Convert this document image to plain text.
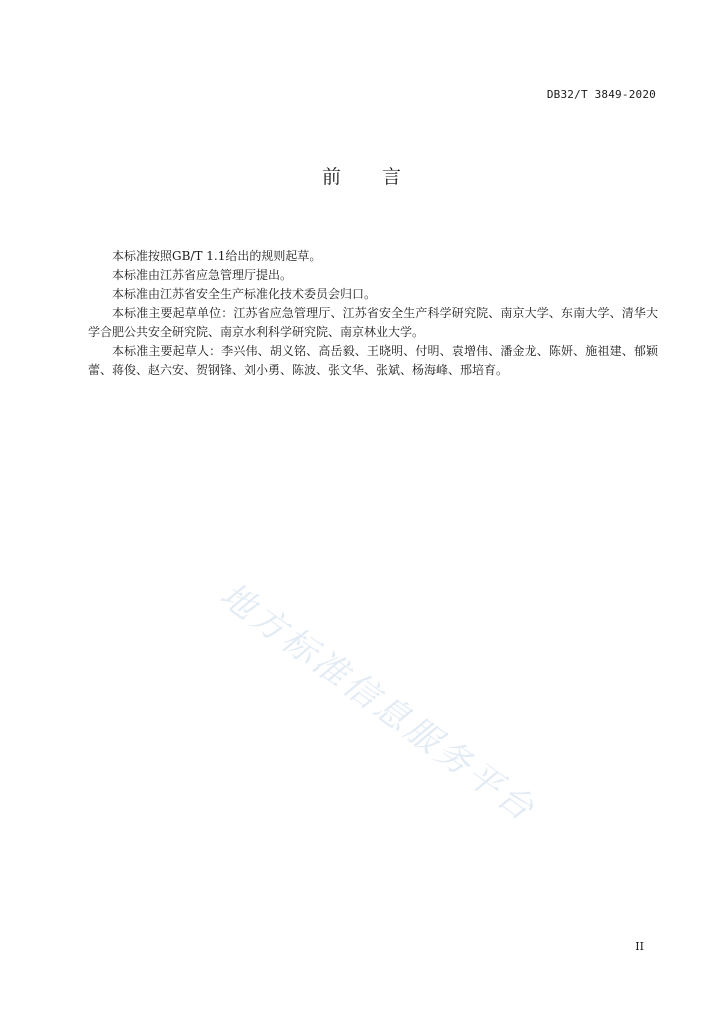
DB32/T 3849-2020
前　　言

本标准按照GB/T 1.1给出的规则起草。

本标准由江苏省应急管理厅提出。

本标准由江苏省安全生产标准化技术委员会归口。

本标准主要起草单位：江苏省应急管理厅、江苏省安全生产科学研究院、南京大学、东南大学、清华大学合肥公共安全研究院、南京水利科学研究院、南京林业大学。

本标准主要起草人：李兴伟、胡义铭、高岳毅、王晓明、付明、袁增伟、潘金龙、陈妍、施祖建、郁颖蕾、蒋俊、赵六安、贺钢锋、刘小勇、陈波、张文华、张斌、杨海峰、邢培育。

地方标准信息服务平台
II
